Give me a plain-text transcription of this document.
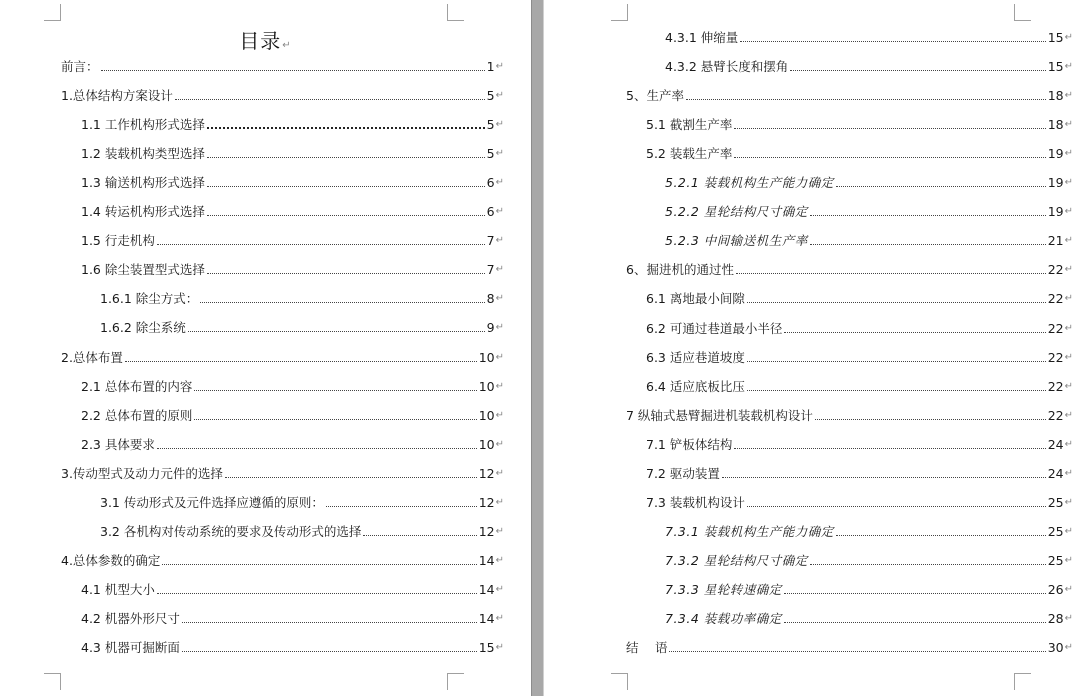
目录↵
前言：	1 ↵
1.总体结构方案设计	5 ↵
1.1 工作机构形式选择	5 ↵
1.2 装载机构类型选择	5 ↵
1.3 输送机构形式选择	6 ↵
1.4 转运机构形式选择	6 ↵
1.5 行走机构	7 ↵
1.6 除尘装置型式选择	7 ↵
1.6.1 除尘方式：	8 ↵
1.6.2 除尘系统	9 ↵
2.总体布置	10 ↵
2.1 总体布置的内容	10 ↵
2.2 总体布置的原则	10 ↵
2.3 具体要求	10 ↵
3.传动型式及动力元件的选择	12 ↵
3.1 传动形式及元件选择应遵循的原则：	12 ↵
3.2 各机构对传动系统的要求及传动形式的选择	12 ↵
4.总体参数的确定	14 ↵
4.1 机型大小	14 ↵
4.2 机器外形尺寸	14 ↵
4.3 机器可掘断面	15 ↵
4.3.1 伸缩量	15 ↵
4.3.2 悬臂长度和摆角	15 ↵
5、生产率	18 ↵
5.1 截割生产率	18 ↵
5.2 装载生产率	19 ↵
5.2.1 装载机构生产能力确定	19 ↵
5.2.2 星轮结构尺寸确定	19 ↵
5.2.3 中间输送机生产率	21 ↵
6、掘进机的通过性	22 ↵
6.1 离地最小间隙	22 ↵
6.2 可通过巷道最小半径	22 ↵
6.3 适应巷道坡度	22 ↵
6.4 适应底板比压	22 ↵
7 纵轴式悬臂掘进机装载机构设计	22 ↵
7.1 铲板体结构	24 ↵
7.2 驱动装置	24 ↵
7.3 装载机构设计	25 ↵
7.3.1 装载机构生产能力确定	25 ↵
7.3.2 星轮结构尺寸确定	25 ↵
7.3.3 星轮转速确定	26 ↵
7.3.4 装载功率确定	28 ↵
结　 语	30 ↵
